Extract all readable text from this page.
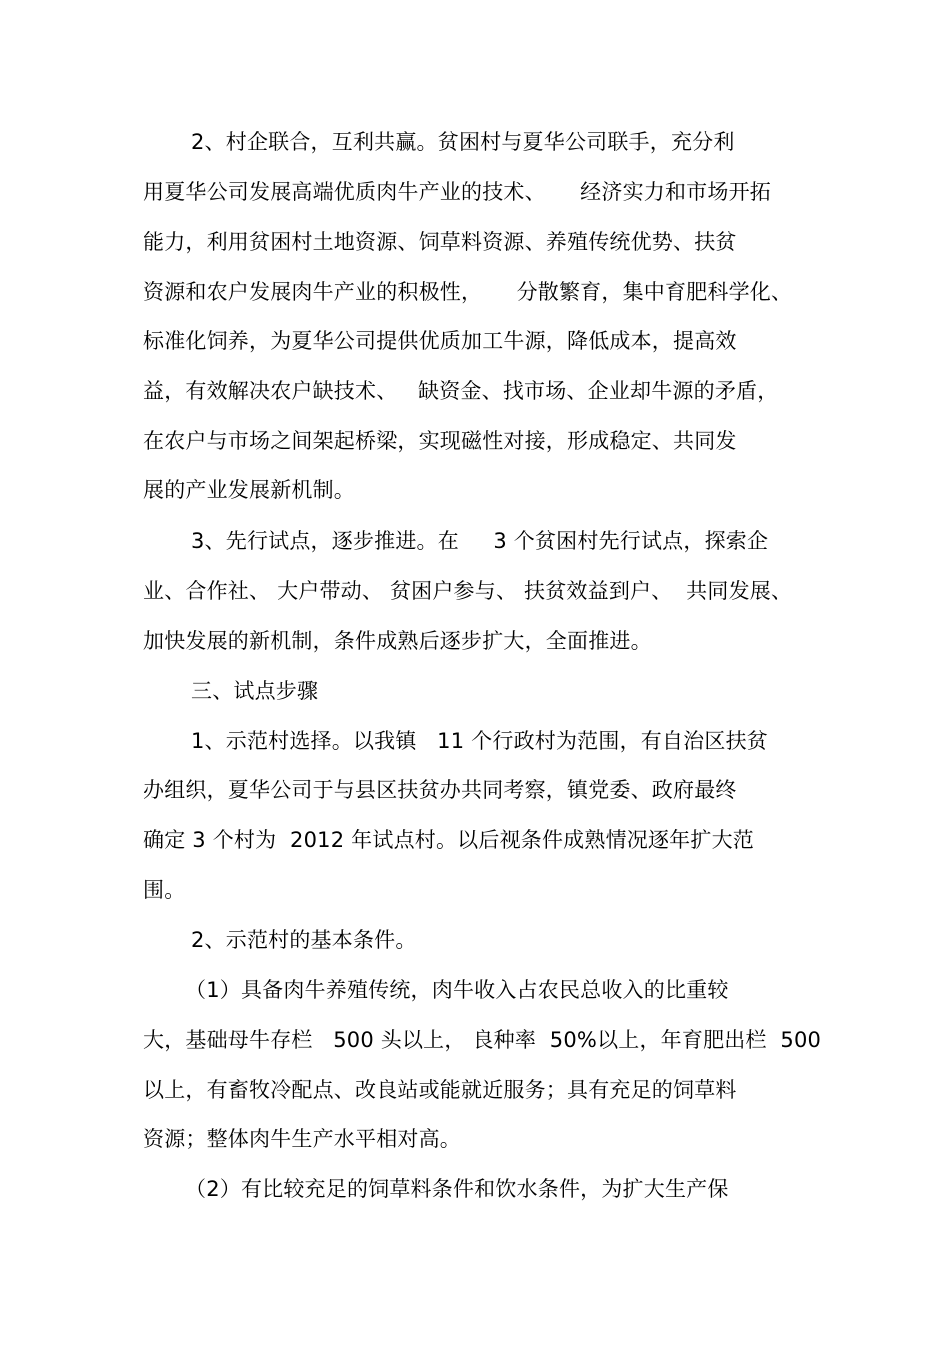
2、村企联合，互利共赢。贫困村与夏华公司联手，充分利
用夏华公司发展高端优质肉牛产业的技术、     经济实力和市场开拓
能力，利用贫困村土地资源、饲草料资源、养殖传统优势、扶贫
资源和农户发展肉牛产业的积极性，     分散繁育，集中育肥科学化、
标准化饲养，为夏华公司提供优质加工牛源，降低成本，提高效
益，有效解决农户缺技术、   缺资金、找市场、企业却牛源的矛盾，
在农户与市场之间架起桥梁，实现磁性对接，形成稳定、共同发
展的产业发展新机制。
3、先行试点，逐步推进。在     3 个贫困村先行试点，探索企
业、合作社、 大户带动、 贫困户参与、 扶贫效益到户、  共同发展、
加快发展的新机制，条件成熟后逐步扩大，全面推进。
三、试点步骤
1、示范村选择。以我镇   11 个行政村为范围，有自治区扶贫
办组织，夏华公司于与县区扶贫办共同考察，镇党委、政府最终
确定 3 个村为  2012 年试点村。以后视条件成熟情况逐年扩大范
围。
2、示范村的基本条件。
（1）具备肉牛养殖传统，肉牛收入占农民总收入的比重较
大，基础母牛存栏   500 头以上， 良种率  50%以上，年育肥出栏  500
以上，有畜牧冷配点、改良站或能就近服务；具有充足的饲草料
资源；整体肉牛生产水平相对高。
（2）有比较充足的饲草料条件和饮水条件，为扩大生产保
